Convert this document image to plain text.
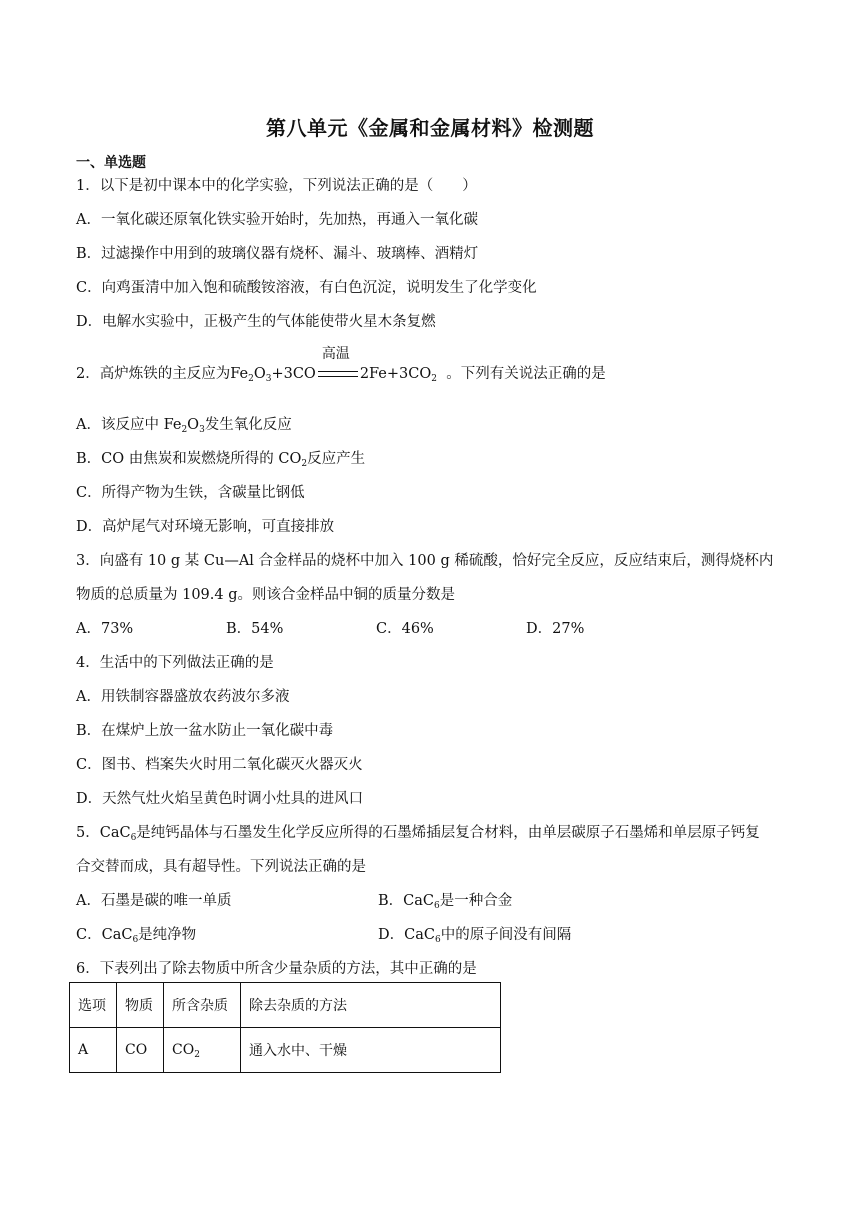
第八单元《金属和金属材料》检测题
一、单选题
1．以下是初中课本中的化学实验，下列说法正确的是（　　）
A．一氧化碳还原氧化铁实验开始时，先加热，再通入一氧化碳
B．过滤操作中用到的玻璃仪器有烧杯、漏斗、玻璃棒、酒精灯
C．向鸡蛋清中加入饱和硫酸铵溶液，有白色沉淀，说明发生了化学变化
D．电解水实验中，正极产生的气体能使带火星木条复燃
2．高炉炼铁的主反应为$Fe_2O_3+3CO$
高温
$2Fe+3CO_2$ 。下列有关说法正确的是
A．该反应中 $Fe_2O_3$发生氧化反应
B．CO 由焦炭和炭燃烧所得的 $CO_2$反应产生
C．所得产物为生铁，含碳量比钢低
D．高炉尾气对环境无影响，可直接排放
3．向盛有 10 g 某 Cu—Al 合金样品的烧杯中加入 100 g 稀硫酸，恰好完全反应，反应结束后，测得烧杯内
物质的总质量为 109.4 g。则该合金样品中铜的质量分数是
A．73%	B．54%	C．46%	D．27%
4．生活中的下列做法正确的是
A．用铁制容器盛放农药波尔多液
B．在煤炉上放一盆水防止一氧化碳中毒
C．图书、档案失火时用二氧化碳灭火器灭火
D．天然气灶火焰呈黄色时调小灶具的进风口
5．CaC$_6$是纯钙晶体与石墨发生化学反应所得的石墨烯插层复合材料，由单层碳原子石墨烯和单层原子钙复
合交替而成，具有超导性。下列说法正确的是
A．石墨是碳的唯一单质	B．CaC$_6$是一种合金
C．CaC$_6$是纯净物	D．CaC$_6$中的原子间没有间隔
6．下表列出了除去物质中所含少量杂质的方法，其中正确的是
选项	物质	所含杂质	除去杂质的方法
A	CO	$CO_2$	通入水中、干燥
